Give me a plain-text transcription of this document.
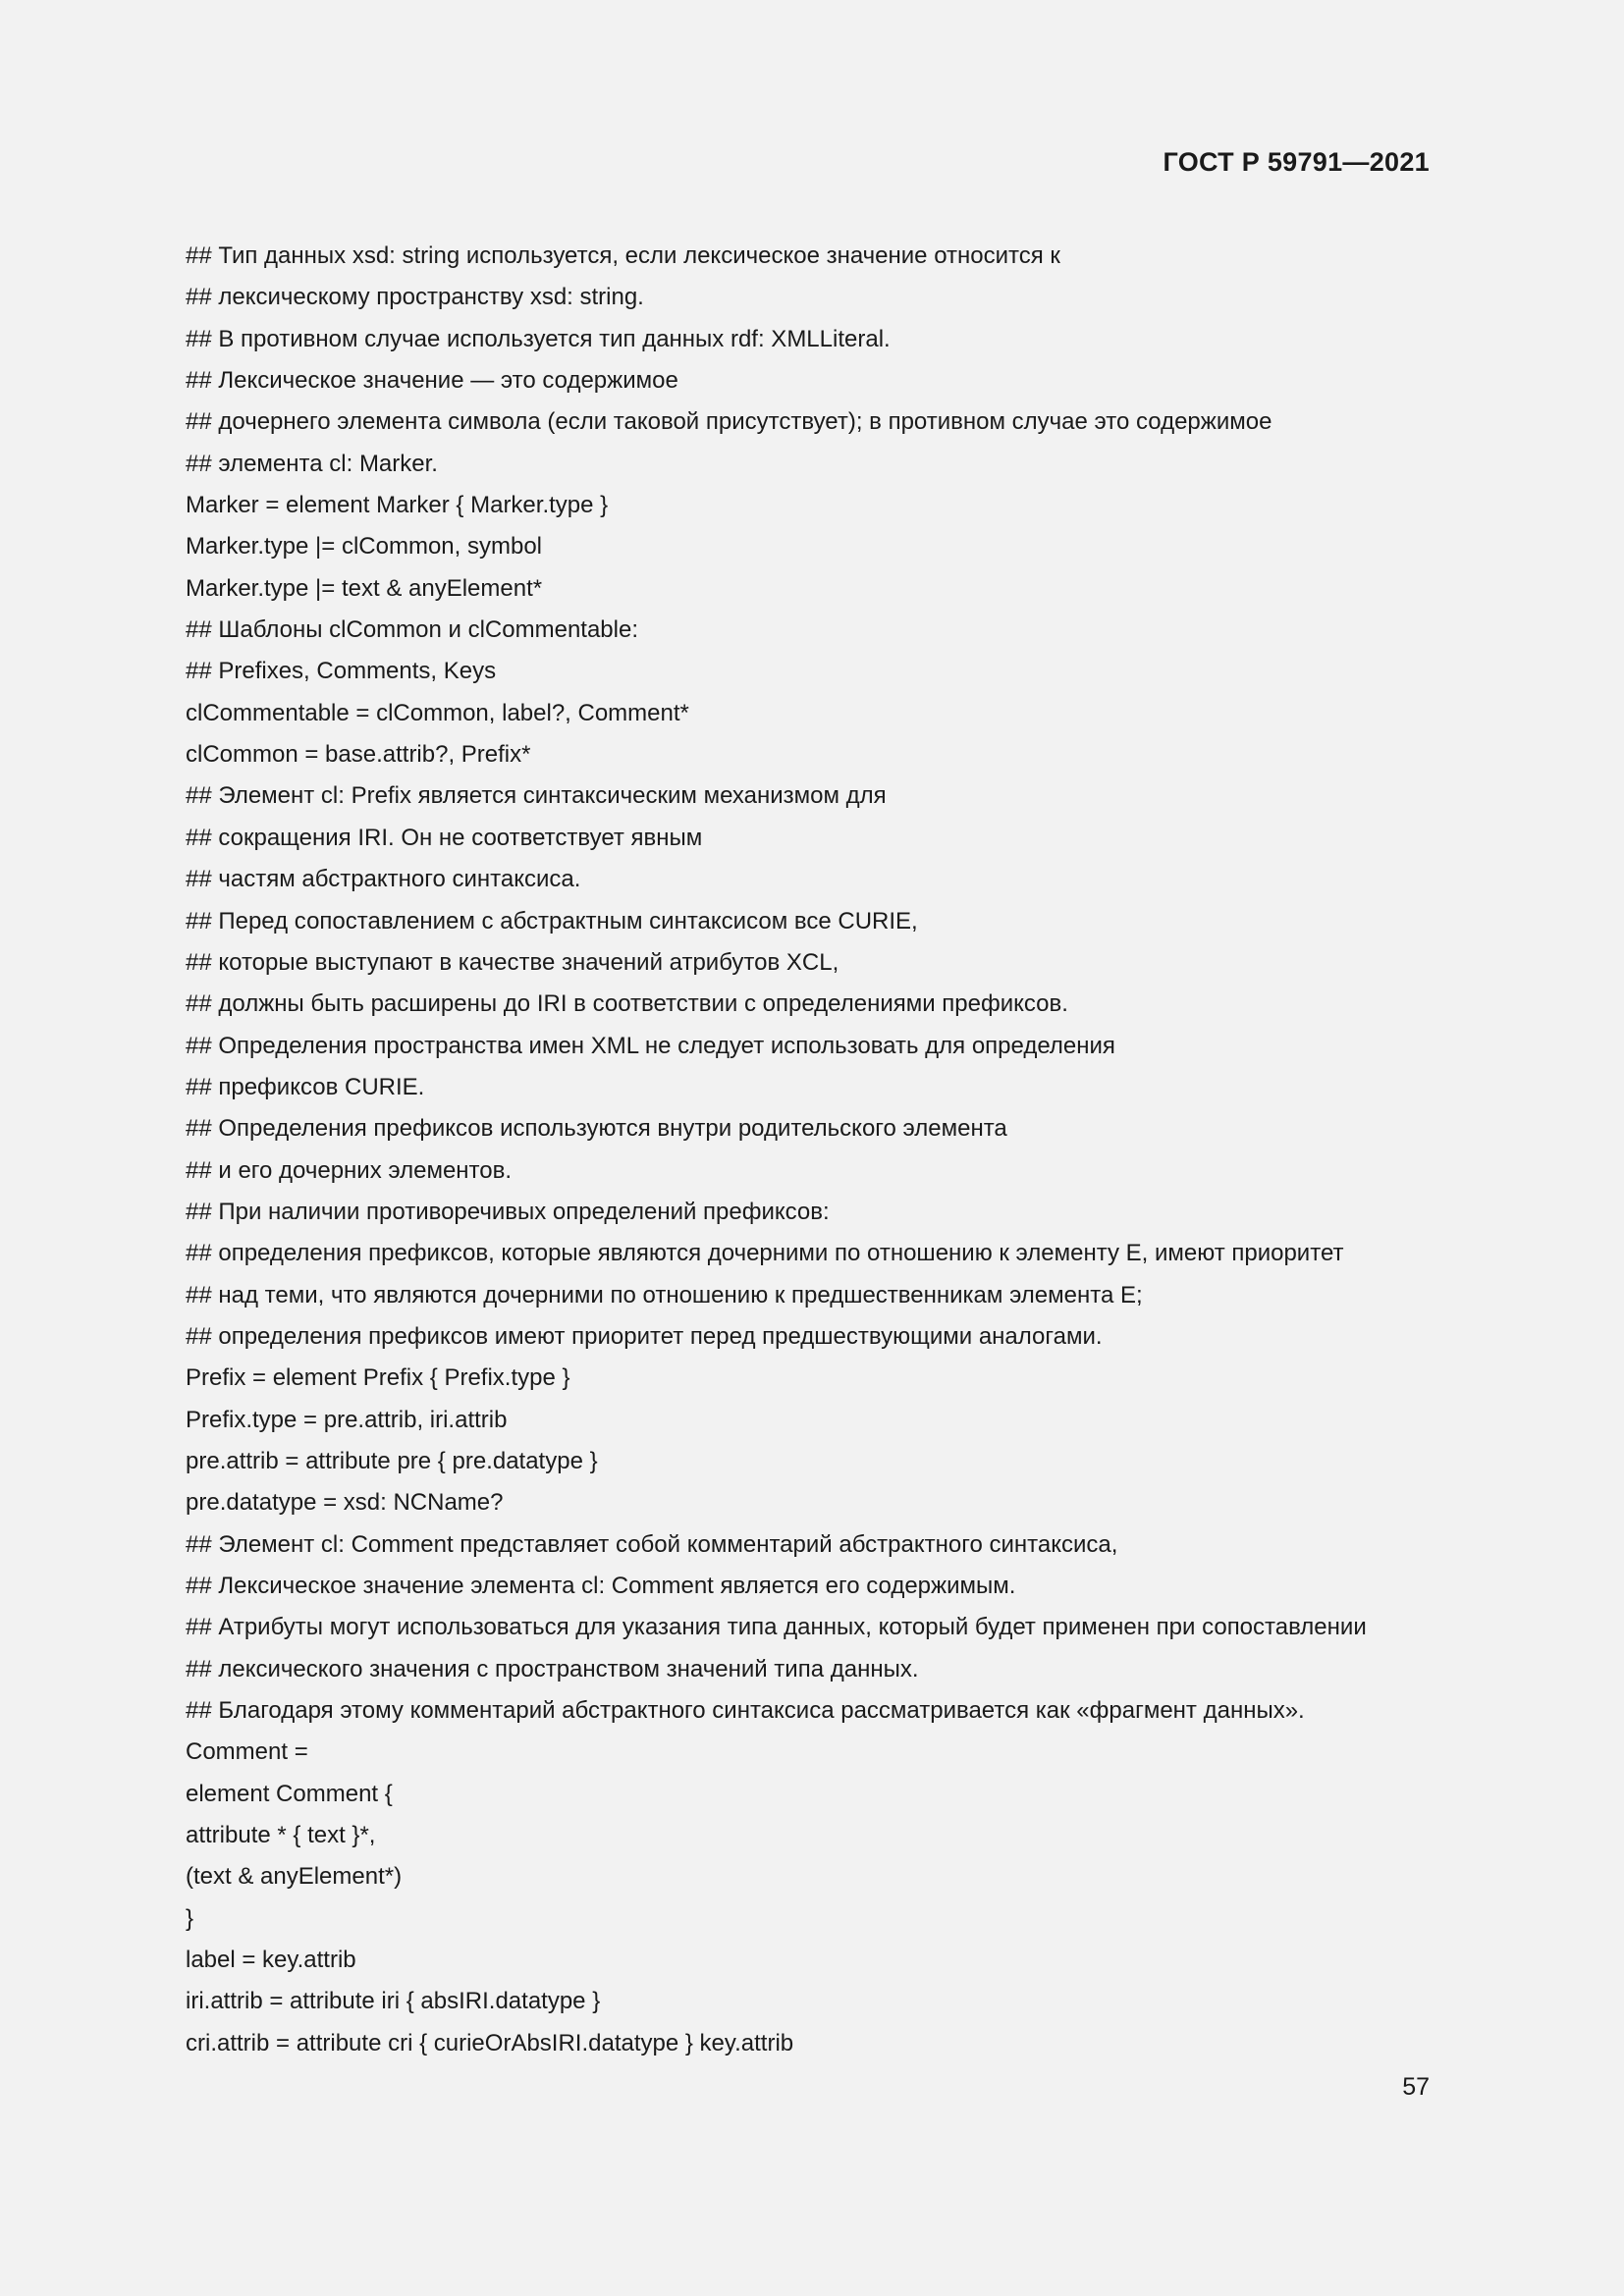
ГОСТ Р 59791—2021
## Тип данных xsd: string используется, если лексическое значение относится к
## лексическому пространству xsd: string.
## В противном случае используется тип данных rdf: XMLLiteral.
## Лексическое значение — это содержимое
## дочернего элемента символа (если таковой присутствует); в противном случае это содержимое
## элемента cl: Marker.
Marker = element Marker { Marker.type }
Marker.type |= clCommon, symbol
Marker.type |= text & anyElement*
## Шаблоны clCommon и clCommentable:
## Prefixes, Comments, Keys
clCommentable = clCommon, label?, Comment*
clCommon = base.attrib?, Prefix*
## Элемент cl: Prefix является синтаксическим механизмом для
## сокращения IRI. Он не соответствует явным
## частям абстрактного синтаксиса.
## Перед сопоставлением с абстрактным синтаксисом все CURIE,
## которые выступают в качестве значений атрибутов XCL,
## должны быть расширены до IRI в соответствии с определениями префиксов.
## Определения пространства имен XML не следует использовать для определения
## префиксов CURIE.
## Определения префиксов используются внутри родительского элемента
## и его дочерних элементов.
## При наличии противоречивых определений префиксов:
## определения префиксов, которые являются дочерними по отношению к элементу E, имеют приоритет
## над теми, что являются дочерними по отношению к предшественникам элемента E;
## определения префиксов имеют приоритет перед предшествующими аналогами.
Prefix = element Prefix { Prefix.type }
Prefix.type = pre.attrib, iri.attrib
pre.attrib = attribute pre { pre.datatype }
pre.datatype = xsd: NCName?
## Элемент cl: Comment представляет собой комментарий абстрактного синтаксиса,
## Лексическое значение элемента cl: Comment является его содержимым.
## Атрибуты могут использоваться для указания типа данных, который будет применен при сопоставлении
## лексического значения с пространством значений типа данных.
## Благодаря этому комментарий абстрактного синтаксиса рассматривается как «фрагмент данных».
Comment =
element Comment {
attribute * { text }*,
(text & anyElement*)
}
label = key.attrib
iri.attrib = attribute iri { absIRI.datatype }
cri.attrib = attribute cri { curieOrAbsIRI.datatype } key.attrib
57
